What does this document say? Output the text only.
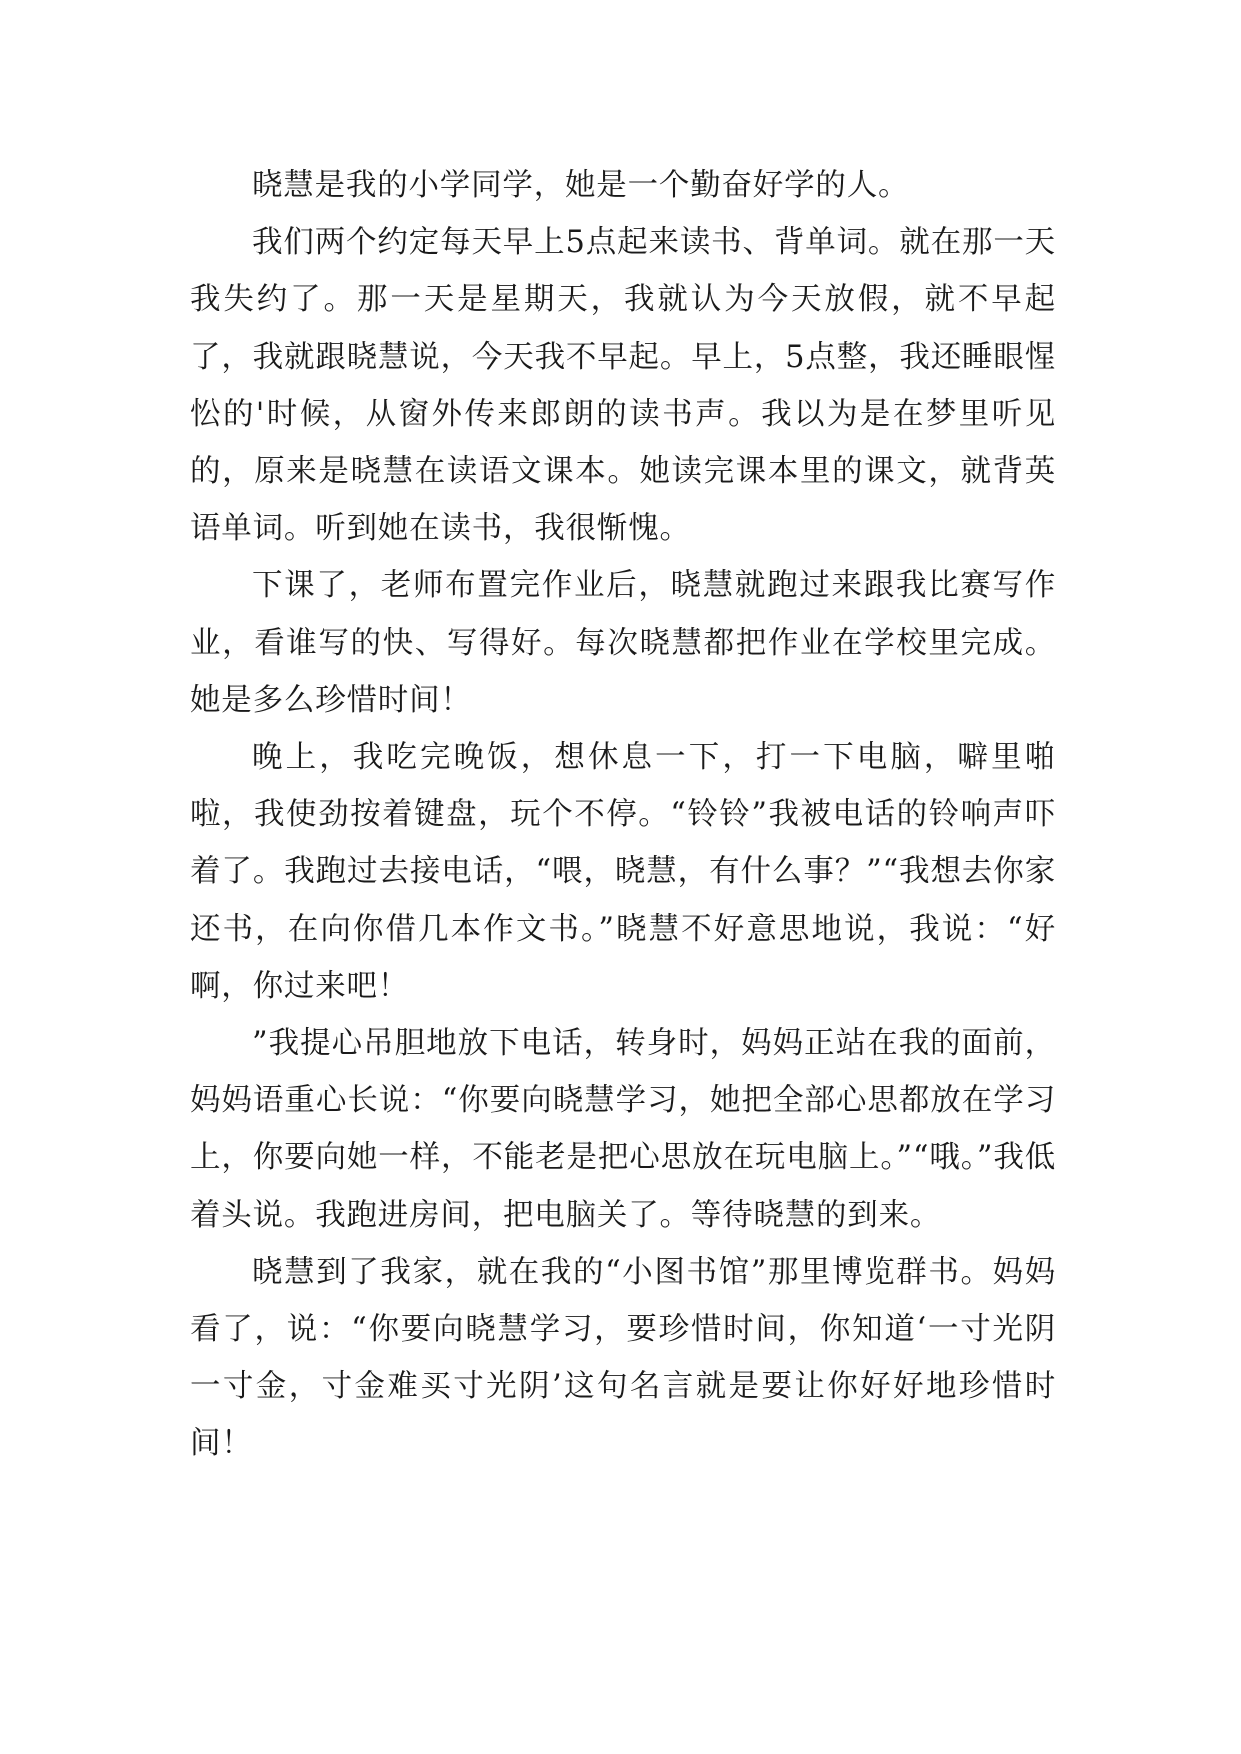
晓慧是我的小学同学，她是一个勤奋好学的人。

我们两个约定每天早上5点起来读书、背单词。就在那一天我失约了。那一天是星期天，我就认为今天放假，就不早起了，我就跟晓慧说，今天我不早起。早上，5点整，我还睡眼惺忪的'时候，从窗外传来郎朗的读书声。我以为是在梦里听见的，原来是晓慧在读语文课本。她读完课本里的课文，就背英语单词。听到她在读书，我很惭愧。

下课了，老师布置完作业后，晓慧就跑过来跟我比赛写作业，看谁写的快、写得好。每次晓慧都把作业在学校里完成。她是多么珍惜时间！

晚上，我吃完晚饭，想休息一下，打一下电脑，噼里啪啦，我使劲按着键盘，玩个不停。“铃铃”我被电话的铃响声吓着了。我跑过去接电话，“喂，晓慧，有什么事？”“我想去你家还书，在向你借几本作文书。”晓慧不好意思地说，我说：“好啊，你过来吧！

”我提心吊胆地放下电话，转身时，妈妈正站在我的面前，妈妈语重心长说：“你要向晓慧学习，她把全部心思都放在学习上，你要向她一样，不能老是把心思放在玩电脑上。”“哦。”我低着头说。我跑进房间，把电脑关了。等待晓慧的到来。

晓慧到了我家，就在我的“小图书馆”那里博览群书。妈妈看了，说：“你要向晓慧学习，要珍惜时间，你知道‘一寸光阴一寸金，寸金难买寸光阴’这句名言就是要让你好好地珍惜时间！
